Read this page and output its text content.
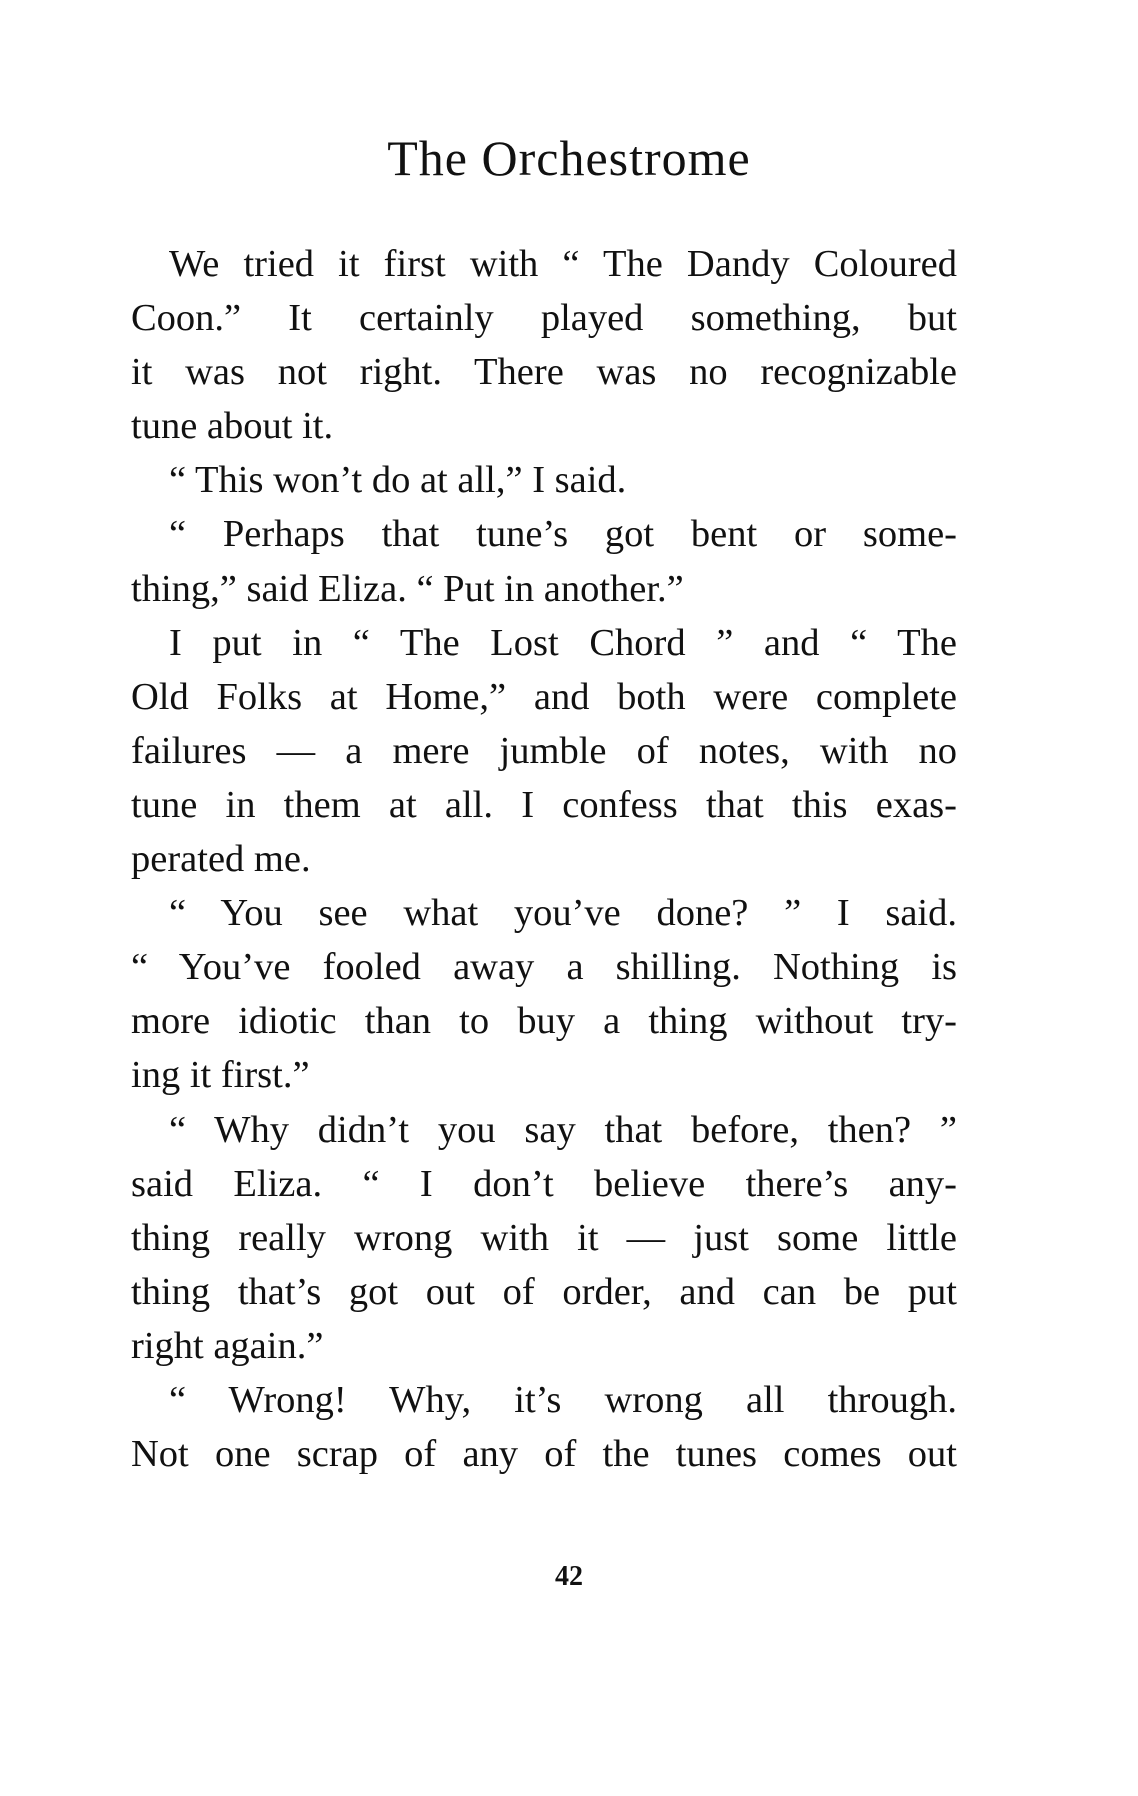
The Orchestrome
We tried it first with “ The Dandy Coloured
Coon.” It certainly played something, but
it was not right. There was no recognizable
tune about it.
“ This won’t do at all,” I said.
“ Perhaps that tune’s got bent or some-
thing,” said Eliza. “ Put in another.”
I put in “ The Lost Chord ” and “ The
Old Folks at Home,” and both were complete
failures — a mere jumble of notes, with no
tune in them at all. I confess that this exas-
perated me.
“ You see what you’ve done? ” I said.
“ You’ve fooled away a shilling. Nothing is
more idiotic than to buy a thing without try-
ing it first.”
“ Why didn’t you say that before, then? ”
said Eliza. “ I don’t believe there’s any-
thing really wrong with it — just some little
thing that’s got out of order, and can be put
right again.”
“ Wrong! Why, it’s wrong all through.
Not one scrap of any of the tunes comes out
42
